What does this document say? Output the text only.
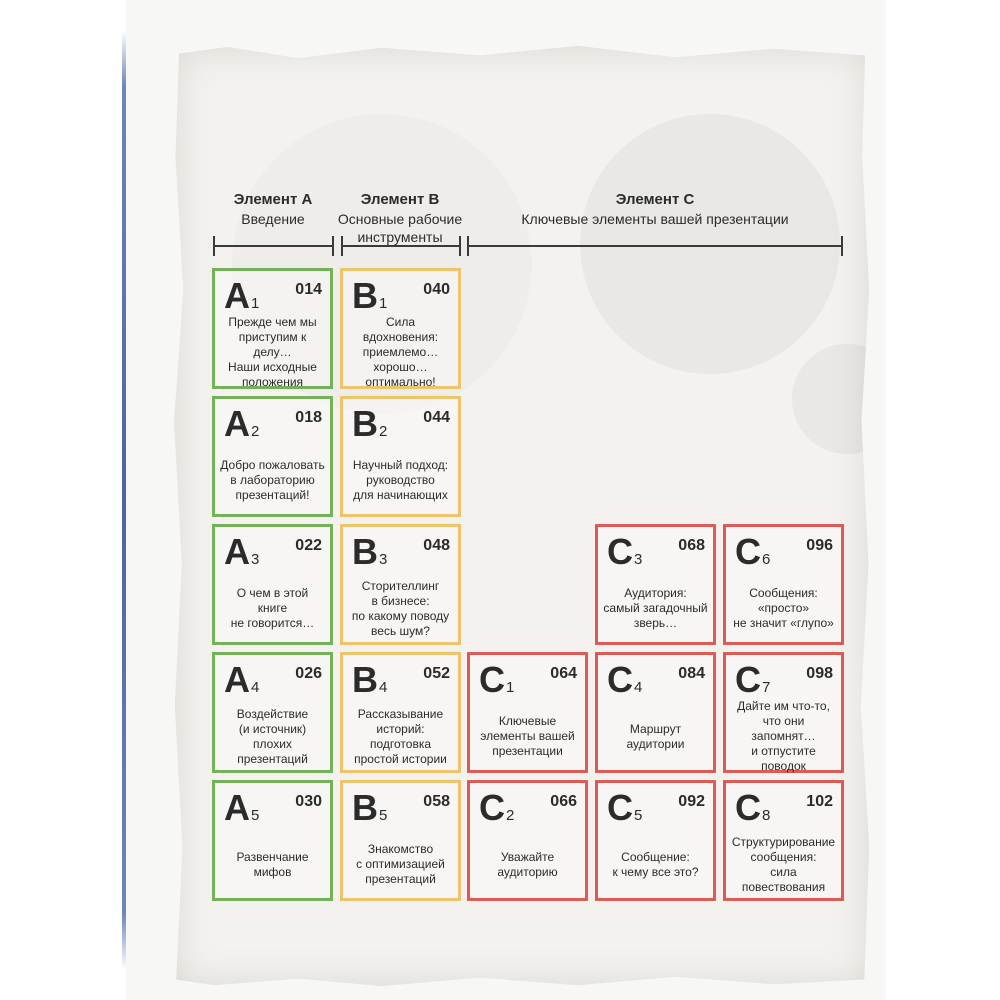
Элемент А
Введение
Элемент В
Основные рабочие
инструменты
Элемент С
Ключевые элементы вашей презентации
A1
014
Прежде чем мы
приступим к делу…
Наши исходные
положения
A2
018
Добро пожаловать
в лабораторию
презентаций!
A3
022
О чем в этой
книге
не говорится…
A4
026
Воздействие
(и источник) плохих
презентаций
A5
030
Развенчание
мифов
B1
040
Сила
вдохновения:
приемлемо…
хорошо…
оптимально!
B2
044
Научный подход:
руководство
для начинающих
B3
048
Сторителлинг
в бизнесе:
по какому поводу
весь шум?
B4
052
Рассказывание
историй:
подготовка
простой истории
B5
058
Знакомство
с оптимизацией
презентаций
C1
064
Ключевые
элементы вашей
презентации
C2
066
Уважайте
аудиторию
C3
068
Аудитория:
самый загадочный
зверь…
C4
084
Маршрут
аудитории
C5
092
Сообщение:
к чему все это?
C6
096
Сообщения:
«просто»
не значит «глупо»
C7
098
Дайте им что-то,
что они
запомнят…
и отпустите
поводок
C8
102
Структурирование
сообщения:
сила
повествования
